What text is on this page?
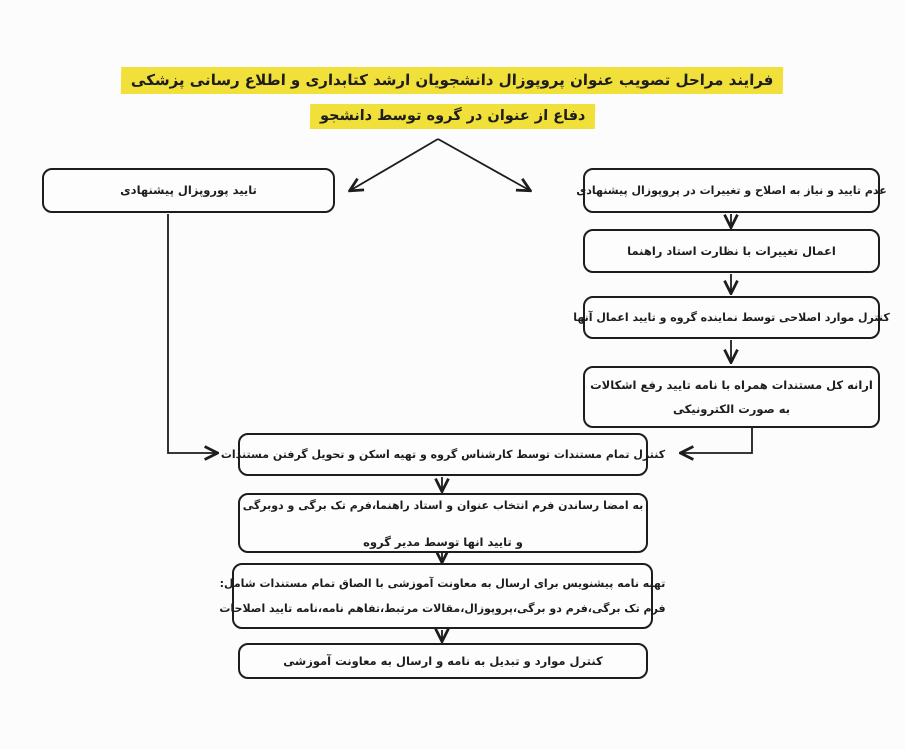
فرایند مراحل تصویب عنوان پروپوزال دانشجویان ارشد کتابداری و اطلاع رسانی پزشکی
دفاع از عنوان در گروه توسط دانشجو
تایید پوروپزال پیشنهادی	عدم تایید و نیاز به اصلاح و تغییرات در پروپوزال پیشنهادی
اعمال تغییرات با نظارت استاد راهنما
کنترل موارد اصلاحی توسط نماینده گروه و تایید اعمال آنها
ارانه کل مستندات همراه با نامه تایید رفع اشکالات
به صورت الکترونیکی
کنترل تمام مستندات توسط کارشناس گروه و تهیه اسکن و تحویل گرفتن مستندات
به امضا رساندن فرم انتخاب عنوان و استاد راهنما،فرم تک برگی و دوبرگی
و تایید انها توسط مدیر گروه
تهیه نامه پیشنویس برای ارسال به معاونت آموزشی با الصاق تمام مستندات شامل:
فرم تک برگی،فرم دو برگی،پروپوزال،مقالات مرتبط،تفاهم نامه،نامه تایید اصلاحات
کنترل موارد و تبدیل به نامه و ارسال به معاونت آموزشی
